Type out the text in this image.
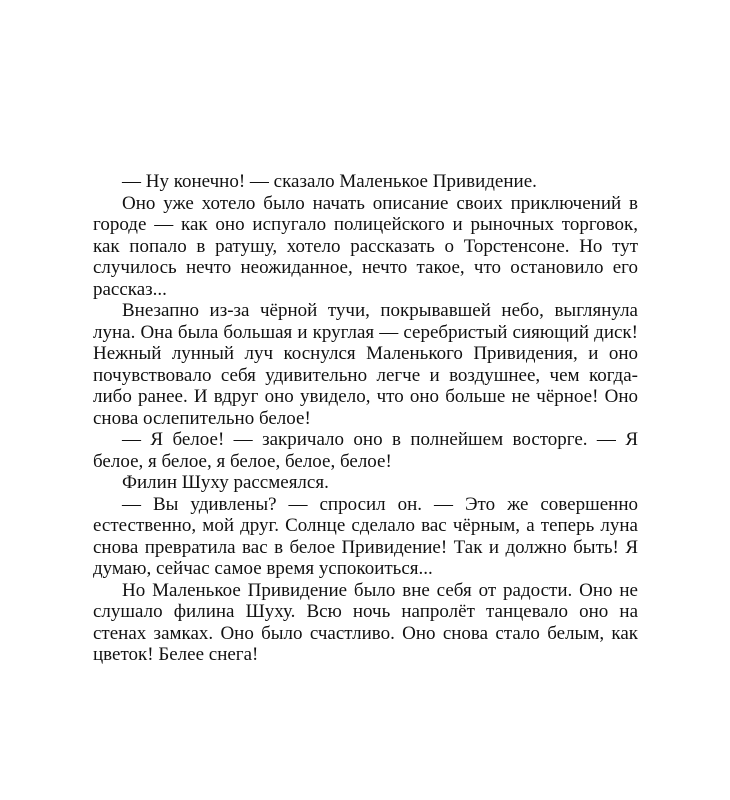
— Ну конечно! — сказало Маленькое Привидение.

Оно уже хотело было начать описание своих приключений в городе — как оно испугало полицейского и рыночных торговок, как попало в ратушу, хотело рассказать о Торстенсоне. Но тут случилось нечто неожиданное, нечто такое, что остановило его рассказ...

Внезапно из-за чёрной тучи, покрывавшей небо, выглянула луна. Она была большая и круглая — серебристый сияющий диск! Нежный лунный луч коснулся Маленького Привидения, и оно почувствовало себя удивительно легче и воздушнее, чем когда-либо ранее. И вдруг оно увидело, что оно больше не чёрное! Оно снова ослепительно белое!

— Я белое! — закричало оно в полнейшем восторге. — Я белое, я белое, я белое, белое, белое!

Филин Шуху рассмеялся.

— Вы удивлены? — спросил он. — Это же совершенно естественно, мой друг. Солнце сделало вас чёрным, а теперь луна снова превратила вас в белое Привидение! Так и должно быть! Я думаю, сейчас самое время успокоиться...

Но Маленькое Привидение было вне себя от радости. Оно не слушало филина Шуху. Всю ночь напролёт танцевало оно на стенах замках. Оно было счастливо. Оно снова стало белым, как цветок! Белее снега!
